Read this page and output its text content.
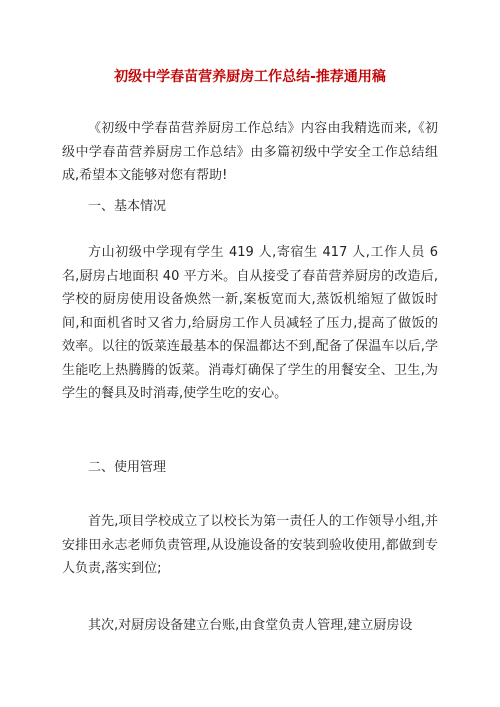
初级中学春苗营养厨房工作总结-推荐通用稿

《初级中学春苗营养厨房工作总结》内容由我精选而来,《初级中学春苗营养厨房工作总结》由多篇初级中学安全工作总结组成,希望本文能够对您有帮助!

一、基本情况

方山初级中学现有学生 419 人,寄宿生 417 人,工作人员 6 名,厨房占地面积 40 平方米。自从接受了春苗营养厨房的改造后,学校的厨房使用设备焕然一新,案板宽而大,蒸饭机缩短了做饭时间,和面机省时又省力,给厨房工作人员减轻了压力,提高了做饭的效率。以往的饭菜连最基本的保温都达不到,配备了保温车以后,学生能吃上热腾腾的饭菜。消毒灯确保了学生的用餐安全、卫生,为学生的餐具及时消毒,使学生吃的安心。

二、使用管理

首先,项目学校成立了以校长为第一责任人的工作领导小组,并安排田永志老师负责管理,从设施设备的安装到验收使用,都做到专人负责,落实到位;

其次,对厨房设备建立台账,由食堂负责人管理,建立厨房设
